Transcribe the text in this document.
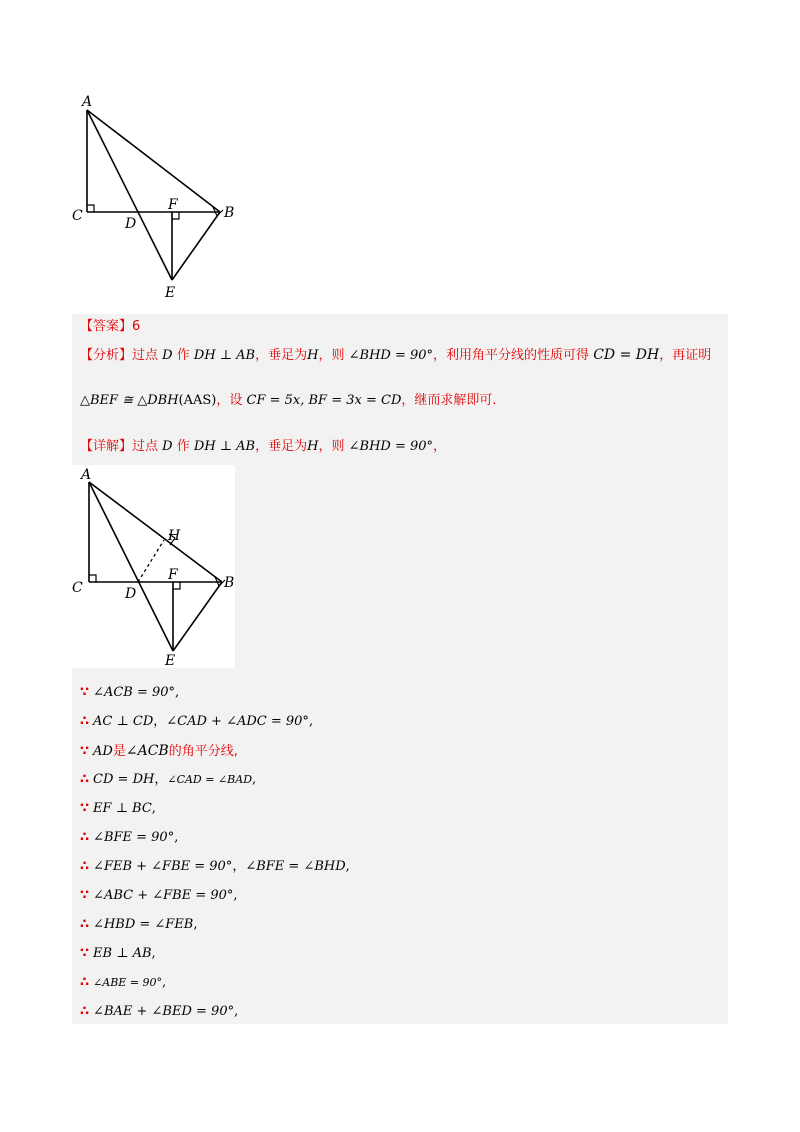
A
C	D
F	B
E
【答案】6
【分析】过点 D 作 DH ⊥ AB，垂足为H，则 ∠BHD = 90°，利用角平分线的性质可得 CD = DH，再证明
△BEF ≅ △DBH(AAS)，设 CF = 5x, BF = 3x = CD，继而求解即可.
【详解】过点 D 作 DH ⊥ AB，垂足为H，则 ∠BHD = 90°，
A
H
C	D
F	B
E
∵ ∠ACB = 90°,
∴ AC ⊥ CD，∠CAD + ∠ADC = 90°,
∵ AD是∠ACB的角平分线,
∴ CD = DH，∠CAD = ∠BAD,
∵ EF ⊥ BC,
∴ ∠BFE = 90°,
∴ ∠FEB + ∠FBE = 90°，∠BFE = ∠BHD,
∵ ∠ABC + ∠FBE = 90°,
∴ ∠HBD = ∠FEB,
∵ EB ⊥ AB,
∴ ∠ABE = 90°,
∴ ∠BAE + ∠BED = 90°,
